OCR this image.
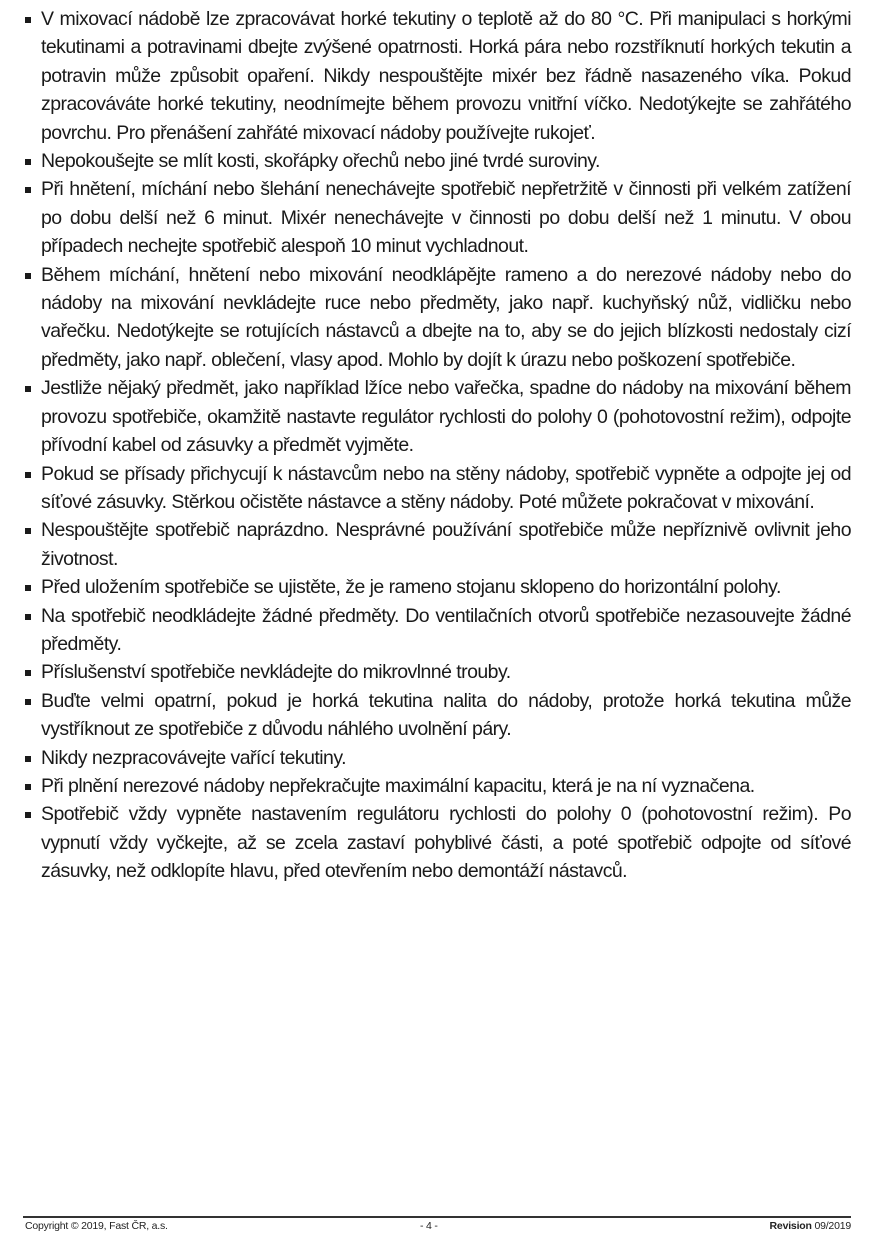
V mixovací nádobě lze zpracovávat horké tekutiny o teplotě až do 80 °C. Při manipulaci s horkými tekutinami a potravinami dbejte zvýšené opatrnosti. Horká pára nebo rozstříknutí horkých tekutin a potravin může způsobit opaření. Nikdy nespouštějte mixér bez řádně nasazeného víka. Pokud zpracováváte horké tekutiny, neodnímejte během provozu vnitřní víčko. Nedotýkejte se zahřátého povrchu. Pro přenášení zahřáté mixovací nádoby používejte rukojeť.
Nepokoušejte se mlít kosti, skořápky ořechů nebo jiné tvrdé suroviny.
Při hnětení, míchání nebo šlehání nenechávejte spotřebič nepřetržitě v činnosti při velkém zatížení po dobu delší než 6 minut. Mixér nenechávejte v činnosti po dobu delší než 1 minutu. V obou případech nechejte spotřebič alespoň 10 minut vychladnout.
Během míchání, hnětení nebo mixování neodklápějte rameno a do nerezové nádoby nebo do nádoby na mixování nevkládejte ruce nebo předměty, jako např. kuchyňský nůž, vidličku nebo vařečku. Nedotýkejte se rotujících nástavců a dbejte na to, aby se do jejich blízkosti nedostaly cizí předměty, jako např. oblečení, vlasy apod. Mohlo by dojít k úrazu nebo poškození spotřebiče.
Jestliže nějaký předmět, jako například lžíce nebo vařečka, spadne do nádoby na mixování během provozu spotřebiče, okamžitě nastavte regulátor rychlosti do polohy 0 (pohotovostní režim), odpojte přívodní kabel od zásuvky a předmět vyjměte.
Pokud se přísady přichycují k nástavcům nebo na stěny nádoby, spotřebič vypněte a odpojte jej od síťové zásuvky. Stěrkou očistěte nástavce a stěny nádoby. Poté můžete pokračovat v mixování.
Nespouštějte spotřebič naprázdno. Nesprávné používání spotřebiče může nepříznivě ovlivnit jeho životnost.
Před uložením spotřebiče se ujistěte, že je rameno stojanu sklopeno do horizontální polohy.
Na spotřebič neodkládejte žádné předměty. Do ventilačních otvorů spotřebiče nezasouvejte žádné předměty.
Příslušenství spotřebiče nevkládejte do mikrovlnné trouby.
Buďte velmi opatrní, pokud je horká tekutina nalita do nádoby, protože horká tekutina může vystříknout ze spotřebiče z důvodu náhlého uvolnění páry.
Nikdy nezpracovávejte vařící tekutiny.
Při plnění nerezové nádoby nepřekračujte maximální kapacitu, která je na ní vyznačena.
Spotřebič vždy vypněte nastavením regulátoru rychlosti do polohy 0 (pohotovostní režim). Po vypnutí vždy vyčkejte, až se zcela zastaví pohyblivé části, a poté spotřebič odpojte od síťové zásuvky, než odklopíte hlavu, před otevřením nebo demontáží nástavců.
Copyright © 2019, Fast ČR, a.s.	- 4 -	Revision 09/2019
